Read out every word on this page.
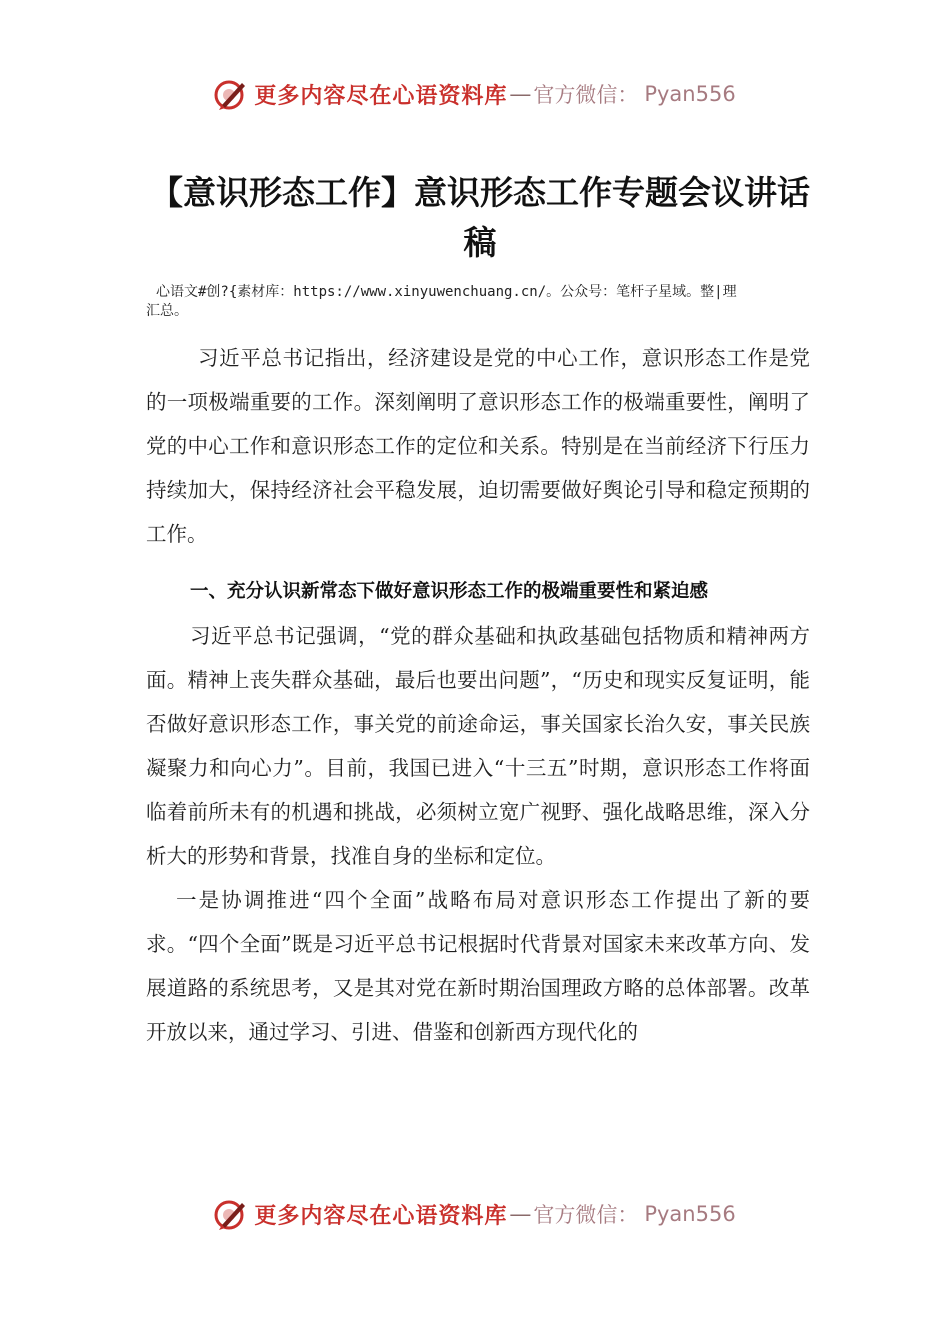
更多内容尽在心语资料库 — 官方微信： Pyan556
【意识形态工作】意识形态工作专题会议讲话稿
心语文#创?{素材库：https://www.xinyuwenchuang.cn/。公众号：笔杆子星域。整|理
汇总。

习近平总书记指出，经济建设是党的中心工作，意识形态工作是党的一项极端重要的工作。深刻阐明了意识形态工作的极端重要性，阐明了党的中心工作和意识形态工作的定位和关系。特别是在当前经济下行压力持续加大，保持经济社会平稳发展，迫切需要做好舆论引导和稳定预期的工作。

一、充分认识新常态下做好意识形态工作的极端重要性和紧迫感

习近平总书记强调，“党的群众基础和执政基础包括物质和精神两方面。精神上丧失群众基础，最后也要出问题”，“历史和现实反复证明，能否做好意识形态工作，事关党的前途命运，事关国家长治久安，事关民族凝聚力和向心力”。目前，我国已进入“十三五”时期，意识形态工作将面临着前所未有的机遇和挑战，必须树立宽广视野、强化战略思维，深入分析大的形势和背景，找准自身的坐标和定位。

一是协调推进“四个全面”战略布局对意识形态工作提出了新的要求。“四个全面”既是习近平总书记根据时代背景对国家未来改革方向、发展道路的系统思考，又是其对党在新时期治国理政方略的总体部署。改革开放以来，通过学习、引进、借鉴和创新西方现代化的

更多内容尽在心语资料库 — 官方微信： Pyan556
